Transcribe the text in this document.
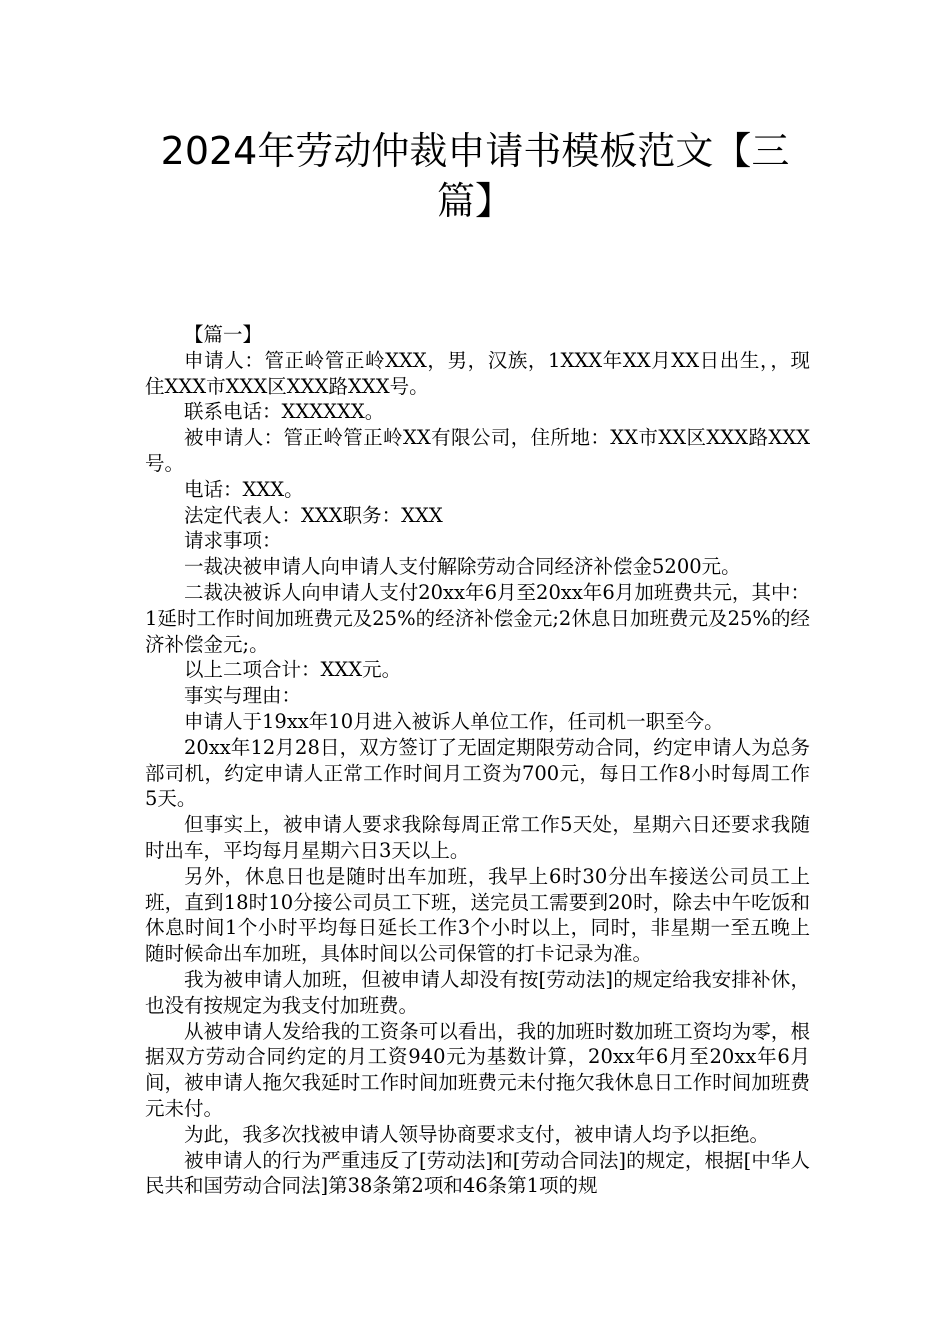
2024年劳动仲裁申请书模板范文【三篇】

【篇一】

申请人：管正岭管正岭XXX，男，汉族，1XXX年XX月XX日出生，，现住XXX市XXX区XXX路XXX号。

联系电话：XXXXXX。

被申请人：管正岭管正岭XX有限公司，住所地：XX市XX区XXX路XXX号。

电话：XXX。

法定代表人：XXX职务：XXX

请求事项：

一裁决被申请人向申请人支付解除劳动合同经济补偿金5200元。

二裁决被诉人向申请人支付20xx年6月至20xx年6月加班费共元，其中：1延时工作时间加班费元及25%的经济补偿金元;2休息日加班费元及25%的经济补偿金元;。

以上二项合计：XXX元。

事实与理由：

申请人于19xx年10月进入被诉人单位工作，任司机一职至今。

20xx年12月28日，双方签订了无固定期限劳动合同，约定申请人为总务部司机，约定申请人正常工作时间月工资为700元，每日工作8小时每周工作5天。

但事实上，被申请人要求我除每周正常工作5天处，星期六日还要求我随时出车，平均每月星期六日3天以上。

另外，休息日也是随时出车加班，我早上6时30分出车接送公司员工上班，直到18时10分接公司员工下班，送完员工需要到20时，除去中午吃饭和休息时间1个小时平均每日延长工作3个小时以上，同时，非星期一至五晚上随时候命出车加班，具体时间以公司保管的打卡记录为准。

我为被申请人加班，但被申请人却没有按[劳动法]的规定给我安排补休，也没有按规定为我支付加班费。

从被申请人发给我的工资条可以看出，我的加班时数加班工资均为零，根据双方劳动合同约定的月工资940元为基数计算，20xx年6月至20xx年6月间，被申请人拖欠我延时工作时间加班费元未付拖欠我休息日工作时间加班费元未付。

为此，我多次找被申请人领导协商要求支付，被申请人均予以拒绝。

被申请人的行为严重违反了[劳动法]和[劳动合同法]的规定，根据[中华人民共和国劳动合同法]第38条第2项和46条第1项的规
